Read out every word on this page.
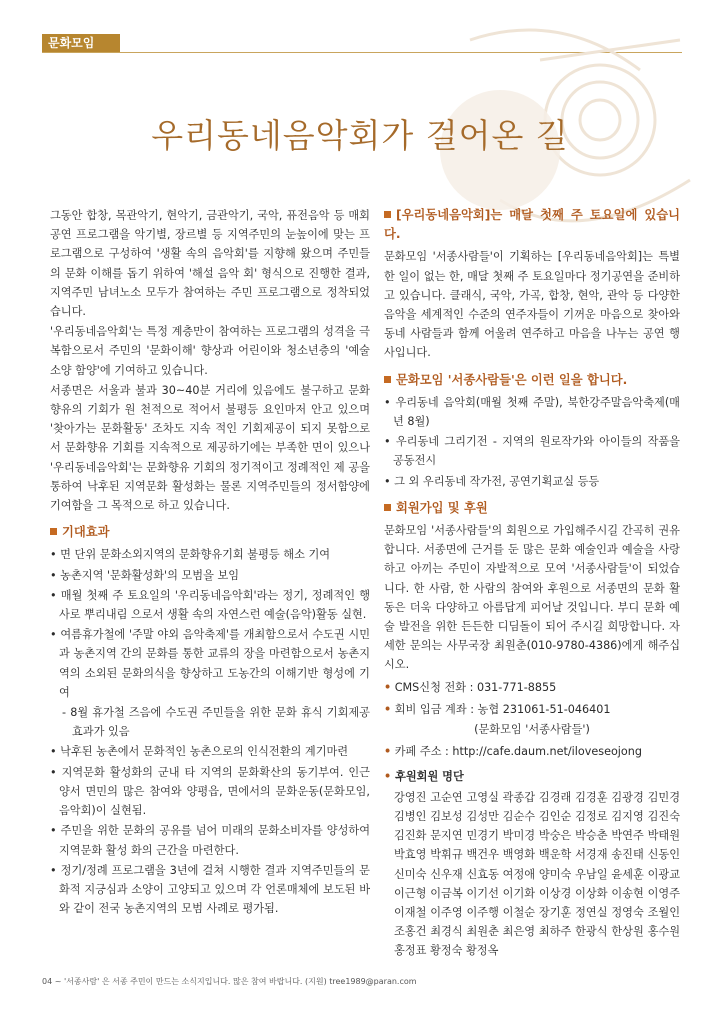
문화모임
우리동네음악회가 걸어온 길

그동안 합창, 목관악기, 현악기, 금관악기, 국악, 퓨전음악 등 매회 공연 프로그램을 악기별, 장르별 등 지역주민의 눈높이에 맞는 프로그램으로 구성하여 '생활 속의 음악회'를 지향해 왔으며 주민들의 문화 이해를 돕기 위하여 '해설 음악 회' 형식으로 진행한 결과, 지역주민 남녀노소 모두가 참여하는 주민 프로그램으로 정착되었습니다.

'우리동네음악회'는 특정 계층만이 참여하는 프로그램의 성격을 극복함으로서 주민의 '문화이해' 향상과 어린이와 청소년층의 '예술소양 함양'에 기여하고 있습니다.

서종면은 서울과 불과 30~40분 거리에 있음에도 불구하고 문화향유의 기회가 원 천적으로 적어서 불평등 요인마저 안고 있으며 '찾아가는 문화활동' 조차도 지속 적인 기회제공이 되지 못함으로서 문화향유 기회를 지속적으로 제공하기에는 부족한 면이 있으나 '우리동네음악회'는 문화향유 기회의 정기적이고 정례적인 제 공을 통하여 낙후된 지역문화 활성화는 물론 지역주민들의 정서함양에 기여함을 그 목적으로 하고 있습니다.

기대효과

• 면 단위 문화소외지역의 문화향유기회 불평등 해소 기여

• 농촌지역 '문화활성화'의 모범을 보임

• 매월 첫째 주 토요일의 '우리동네음악회'라는 정기, 정례적인 행사로 뿌리내림 으로서 생활 속의 자연스런 예술(음악)활동 실현.

• 여름휴가철에 '주말 야외 음악축제'를 개최함으로서 수도권 시민과 농촌지역 간의 문화를 통한 교류의 장을 마련함으로서 농촌지역의 소외된 문화의식을 향상하고 도농간의 이해기반 형성에 기여

- 8월 휴가철 즈음에 수도권 주민들을 위한 문화 휴식 기회제공 효과가 있음

• 낙후된 농촌에서 문화적인 농촌으로의 인식전환의 계기마련

• 지역문화 활성화의 군내 타 지역의 문화확산의 동기부여. 인근 양서 면민의 많은 참여와 양평읍, 면에서의 문화운동(문화모임, 음악회)이 실현됨.

• 주민을 위한 문화의 공유를 넘어 미래의 문화소비자를 양성하여 지역문화 활성 화의 근간을 마련한다.

• 정기/정례 프로그램을 3년에 걸쳐 시행한 결과 지역주민들의 문화적 지긍심과 소양이 고양되고 있으며 각 언론매체에 보도된 바와 같이 전국 농촌지역의 모범 사례로 평가됨.

[우리동네음악회]는 매달 첫째 주 토요일에 있습니다.

문화모임 '서종사람들'이 기획하는 [우리동네음악회]는 특별한 일이 없는 한, 매달 첫째 주 토요일마다 정기공연을 준비하고 있습니다. 클래식, 국악, 가곡, 합창, 현악, 관악 등 다양한 음악을 세계적인 수준의 연주자들이 기꺼운 마음으로 찾아와 동네 사람들과 함께 어울려 연주하고 마음을 나누는 공연 행사입니다.

문화모임 '서종사람들'은 이런 일을 합니다.

• 우리동네 음악회(매월 첫째 주말), 북한강주말음악축제(매년 8월)

• 우리동네 그리기전 - 지역의 원로작가와 아이들의 작품을 공동전시

• 그 외 우리동네 작가전, 공연기획교실 등등

회원가입 및 후원

문화모임 '서종사람들'의 회원으로 가입해주시길 간곡히 권유합니다. 서종면에 근거를 둔 많은 문화 예술인과 예술을 사랑하고 아끼는 주민이 자발적으로 모여 '서종사람들'이 되었습니다. 한 사람, 한 사람의 참여와 후원으로 서종면의 문화 활동은 더욱 다양하고 아름답게 피어날 것입니다. 부디 문화 예술 발전을 위한 든든한 디딤돌이 되어 주시길 희망합니다. 자세한 문의는 사무국장 최원춘(010-9780-4386)에게 해주십시오.

• CMS신청 전화 : 031-771-8855

• 회비 입금 계좌 : 농협 231061-51-046401

(문화모임 '서종사람들')

• 카페 주소 : http://cafe.daum.net/iloveseojong

• 후원회원 명단

강영진 고순연 고영실 곽종갑 김경래 김경훈 김광경 김민경 김병인 김보성 김성만 김순수 김인순 김정로 김지영 김진숙 김진화 문지연 민경기 박미경 박숭은 박승춘 박연주 박태원 박효영 박휘규 백건우 백영화 백운학 서경재 송진태 신동인 신미숙 신우재 신효동 여정애 양미숙 우남일 윤세훈 이광교 이근형 이금복 이기선 이기화 이상경 이상화 이송현 이영주 이재철 이주영 이주행 이철순 장기훈 정연실 정영숙 조월인 조홍건 최경식 최원춘 최은영 최하주 한광식 한상원 홍수원 홍정표 황정숙 황정옥

04 ~ '서종사람' 은 서종 주민이 만드는 소식지입니다. 많은 참여 바랍니다. (지원) tree1989@paran.com
